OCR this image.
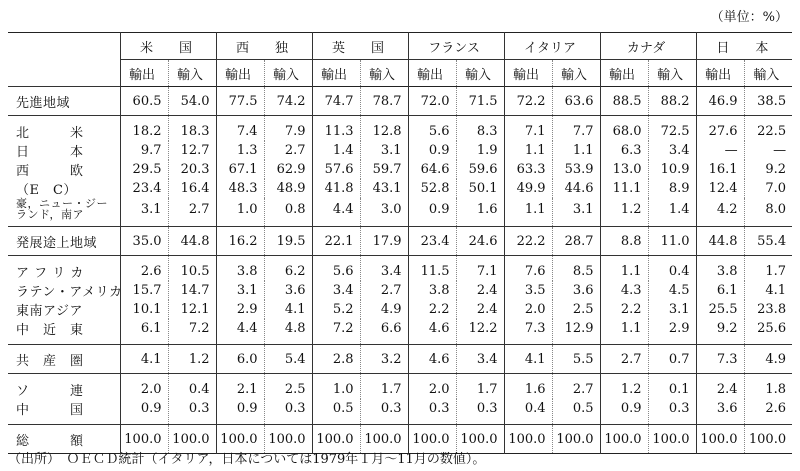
（単位：%）
	米　　国		西　　独		英　　国		フランス		イタリア		カナダ		日　　本	
	輸出	輸入	輸出	輸入	輸出	輸入	輸出	輸入	輸出	輸入	輸出	輸入	輸出	輸入
先進地域	60.5	54.0	77.5	74.2	74.7	78.7	72.0	71.5	72.2	63.6	88.5	88.2	46.9	38.5
北　　　米	18.2	18.3	7.4	7.9	11.3	12.8	5.6	8.3	7.1	7.7	68.0	72.5	27.6	22.5
日　　　本	9.7	12.7	1.3	2.7	1.4	3.1	0.9	1.9	1.1	1.1	6.3	3.4	—	—
西　　　欧	29.5	20.3	67.1	62.9	57.6	59.7	64.6	59.6	63.3	53.9	13.0	10.9	16.1	9.2
（E　C）	23.4	16.4	48.3	48.9	41.8	43.1	52.8	50.1	49.9	44.6	11.1	8.9	12.4	7.0
豪，ニュー・ジーランド，南ア	3.1	2.7	1.0	0.8	4.4	3.0	0.9	1.6	1.1	3.1	1.2	1.4	4.2	8.0
発展途上地域	35.0	44.8	16.2	19.5	22.1	17.9	23.4	24.6	22.2	28.7	8.8	11.0	44.8	55.4
ア フ リ カ	2.6	10.5	3.8	6.2	5.6	3.4	11.5	7.1	7.6	8.5	1.1	0.4	3.8	1.7
ラテン・アメリカ	15.7	14.7	3.1	3.6	3.4	2.7	3.8	2.4	3.5	3.6	4.3	4.5	6.1	4.1
東南アジア	10.1	12.1	2.9	4.1	5.2	4.9	2.2	2.4	2.0	2.5	2.2	3.1	25.5	23.8
中　近　東	6.1	7.2	4.4	4.8	7.2	6.6	4.6	12.2	7.3	12.9	1.1	2.9	9.2	25.6
共　産　圏	4.1	1.2	6.0	5.4	2.8	3.2	4.6	3.4	4.1	5.5	2.7	0.7	7.3	4.9
ソ　　　連	2.0	0.4	2.1	2.5	1.0	1.7	2.0	1.7	1.6	2.7	1.2	0.1	2.4	1.8
中　　　国	0.9	0.3	0.9	0.3	0.5	0.3	0.3	0.3	0.4	0.5	0.9	0.3	3.6	2.6
総　　　額	100.0	100.0	100.0	100.0	100.0	100.0	100.0	100.0	100.0	100.0	100.0	100.0	100.0	100.0
（出所）　ＯＥＣＤ統計（イタリア，日本については1979年１月〜11月の数値）。
